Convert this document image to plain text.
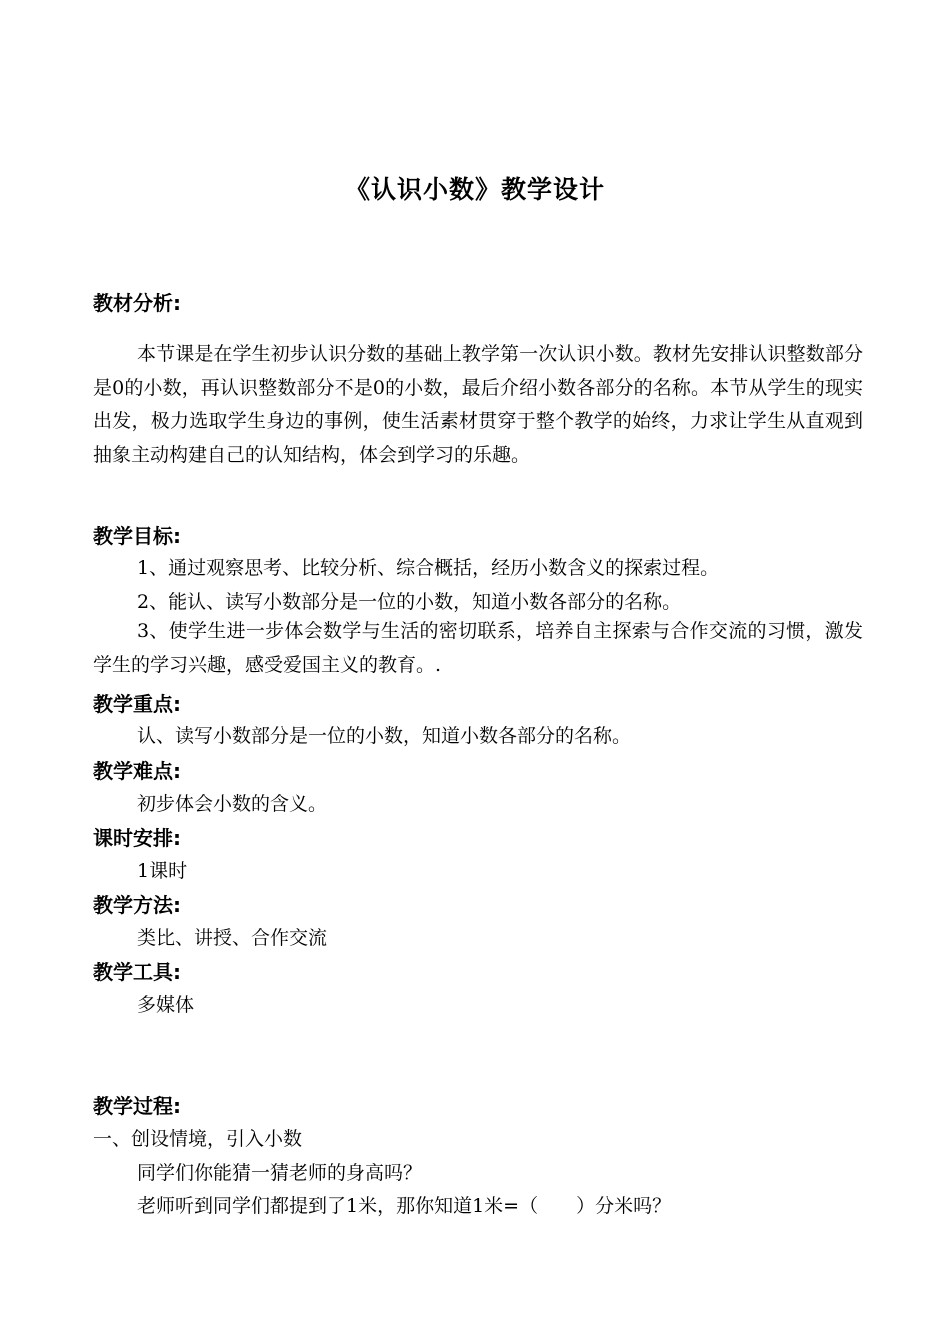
《认识小数》教学设计
教材分析:
本节课是在学生初步认识分数的基础上教学第一次认识小数。教材先安排认识整数部分是0的小数，再认识整数部分不是0的小数，最后介绍小数各部分的名称。本节从学生的现实出发，极力选取学生身边的事例，使生活素材贯穿于整个教学的始终，力求让学生从直观到抽象主动构建自己的认知结构，体会到学习的乐趣。
教学目标:
1、通过观察思考、比较分析、综合概括，经历小数含义的探索过程。
2、能认、读写小数部分是一位的小数，知道小数各部分的名称。
3、使学生进一步体会数学与生活的密切联系，培养自主探索与合作交流的习惯，激发学生的学习兴趣，感受爱国主义的教育。.
教学重点:
认、读写小数部分是一位的小数，知道小数各部分的名称。
教学难点:
初步体会小数的含义。
课时安排:
1课时
教学方法:
类比、讲授、合作交流
教学工具:
多媒体
教学过程:
一、创设情境，引入小数
同学们你能猜一猜老师的身高吗？
老师听到同学们都提到了1米，那你知道1米=（　　）分米吗？
